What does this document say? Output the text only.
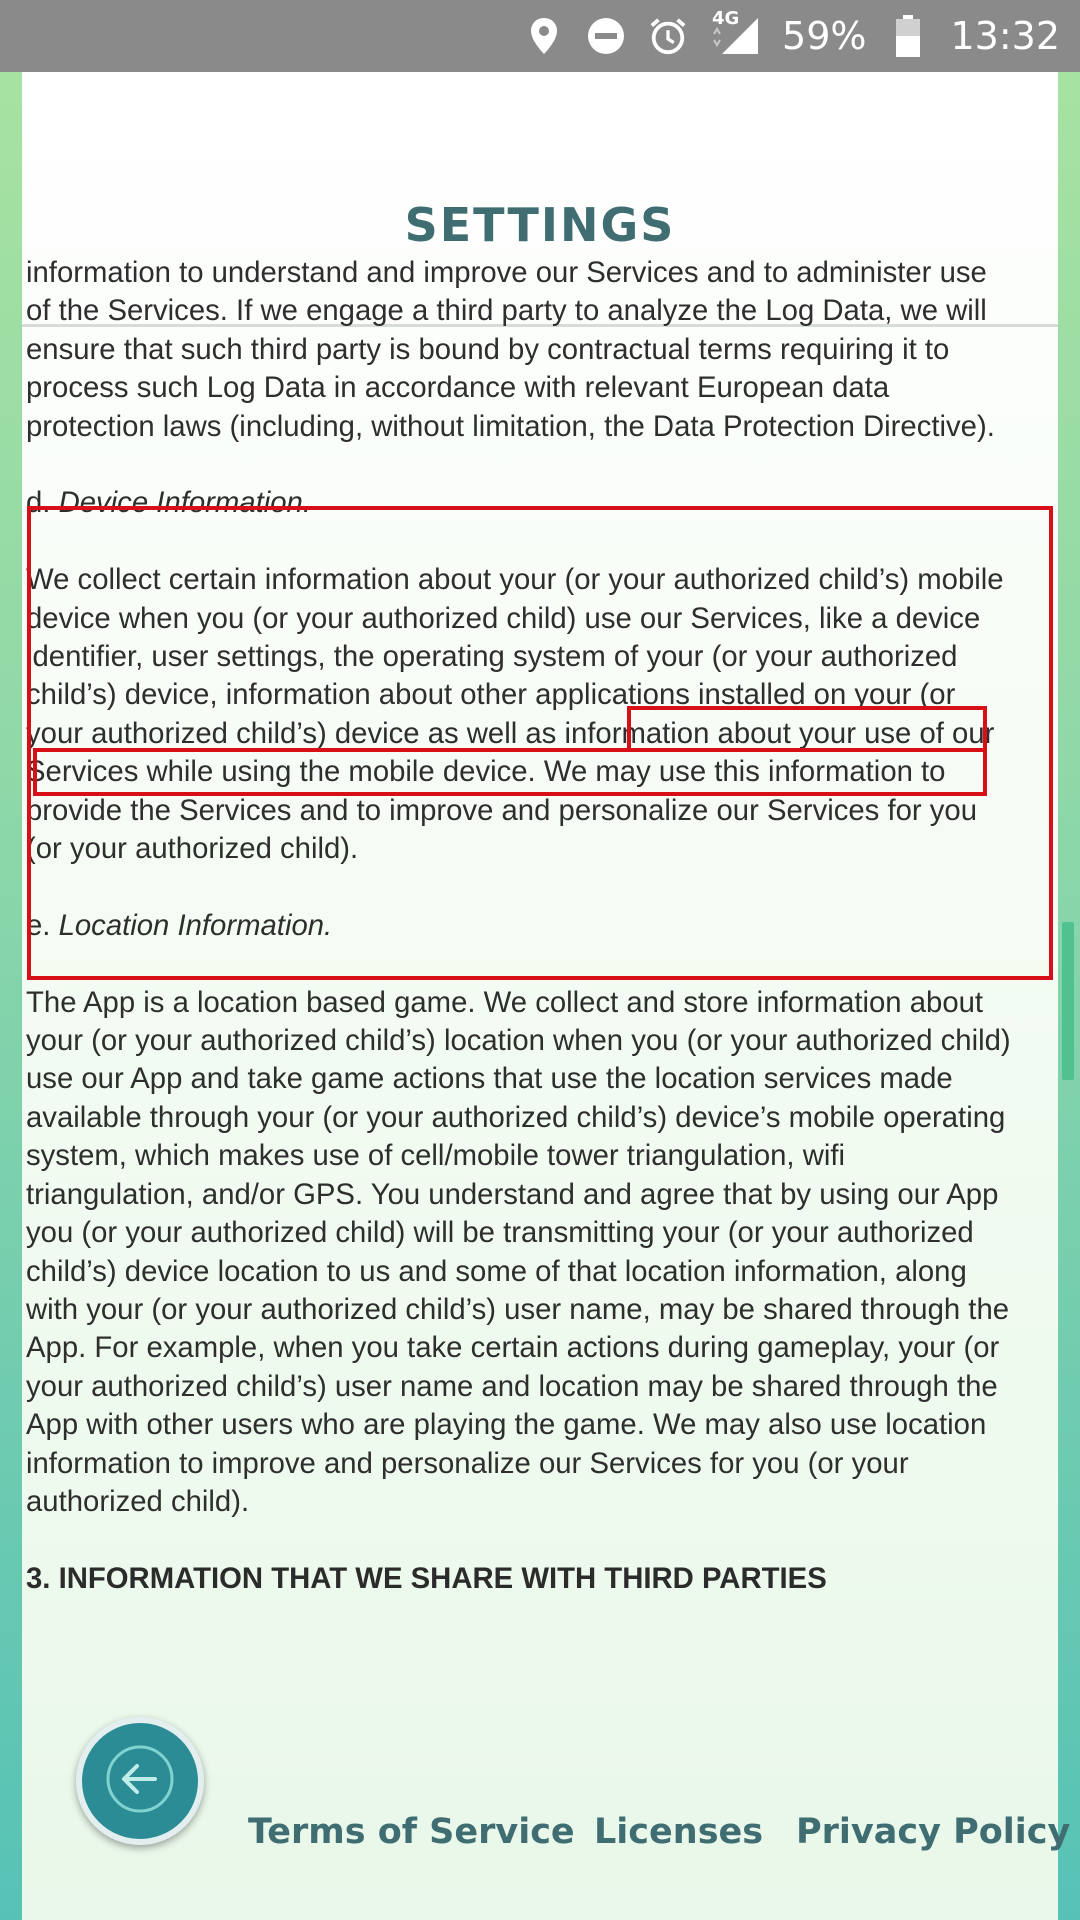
4G 59% 13:32
SETTINGS

information to understand and improve our Services and to administer use of the Services. If we engage a third party to analyze the Log Data, we will ensure that such third party is bound by contractual terms requiring it to process such Log Data in accordance with relevant European data protection laws (including, without limitation, the Data Protection Directive).

d. Device Information.

We collect certain information about your (or your authorized child’s) mobile device when you (or your authorized child) use our Services, like a device identifier, user settings, the operating system of your (or your authorized child’s) device, information about other applications installed on your (or your authorized child’s) device as well as information about your use of our Services while using the mobile device. We may use this information to provide the Services and to improve and personalize our Services for you (or your authorized child).

e. Location Information.

The App is a location based game. We collect and store information about your (or your authorized child’s) location when you (or your authorized child) use our App and take game actions that use the location services made available through your (or your authorized child’s) device’s mobile operating system, which makes use of cell/mobile tower triangulation, wifi triangulation, and/or GPS. You understand and agree that by using our App you (or your authorized child) will be transmitting your (or your authorized child’s) device location to us and some of that location information, along with your (or your authorized child’s) user name, may be shared through the App. For example, when you take certain actions during gameplay, your (or your authorized child’s) user name and location may be shared through the App with other users who are playing the game. We may also use location information to improve and personalize our Services for you (or your authorized child).

3. INFORMATION THAT WE SHARE WITH THIRD PARTIES

Terms of Service Licenses Privacy Policy
